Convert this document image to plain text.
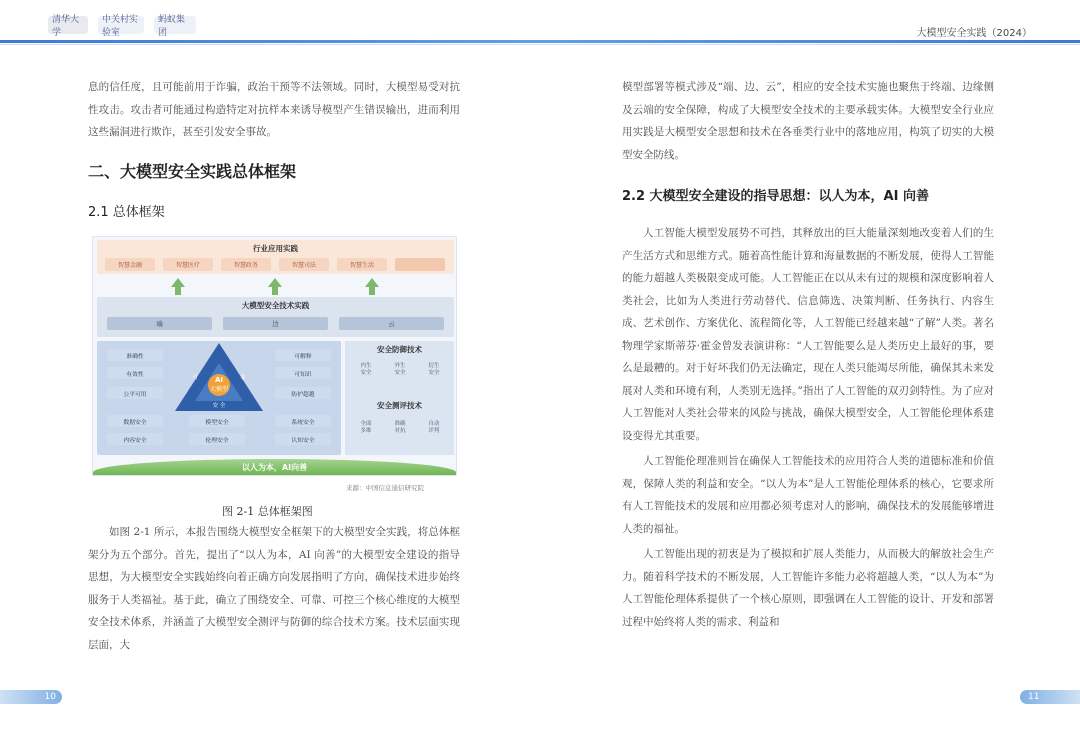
清华大学
中关村实验室
蚂蚁集团	大模型安全实践（2024）

息的信任度，且可能前用于诈骗，政治干预等不法领域。同时，大模型易受对抗性攻击。攻击者可能通过构造特定对抗样本来诱导模型产生错误输出，进而利用这些漏洞进行欺诈，甚至引发安全事故。

二、大模型安全实践总体框架
2.1 总体框架
行业应用实践
智慧金融	智慧医疗	智慧政务	智慧司法	智慧生活
大模型安全技术实践
端	边	云
准确性
有效性
公平可用
可解释
可知识
防护超越
数据安全	模型安全	系统安全
内容安全	伦理安全	认知安全
AI
大模型
可	靠
安 全
安全防御技术
内生
安全
外生
安全
衍生
安全
安全测评技术
全面
多维
准确
对抗
自动
评判
以人为本，AI向善
来源：中国信息通信研究院
图 2-1 总体框架图

如图 2-1 所示，本报告围绕大模型安全框架下的大模型安全实践，将总体框架分为五个部分。首先，提出了“以人为本，AI 向善”的大模型安全建设的指导思想，为大模型安全实践始终向着正确方向发展指明了方向，确保技术进步始终服务于人类福祉。基于此，确立了围绕安全、可靠、可控三个核心维度的大模型安全技术体系，并涵盖了大模型安全测评与防御的综合技术方案。技术层面实现层面，大

模型部署等模式涉及“端、边、云”，相应的安全技术实施也聚焦于终端、边缘侧及云端的安全保障，构成了大模型安全技术的主要承载实体。大模型安全行业应用实践是大模型安全思想和技术在各垂类行业中的落地应用，构筑了切实的大模型安全防线。

2.2 大模型安全建设的指导思想：以人为本，AI 向善

人工智能大模型发展势不可挡，其释放出的巨大能量深刻地改变着人们的生产生活方式和思维方式。随着高性能计算和海量数据的不断发展，使得人工智能的能力超越人类极限变成可能。人工智能正在以从未有过的规模和深度影响着人类社会，比如为人类进行劳动替代、信息筛选、决策判断、任务执行、内容生成、艺术创作、方案优化、流程简化等，人工智能已经越来越“了解”人类。著名物理学家斯蒂芬·霍金曾发表演讲称：“人工智能要么是人类历史上最好的事，要么是最糟的。对于好坏我们仍无法确定，现在人类只能竭尽所能，确保其未来发展对人类和环境有利，人类别无选择。”指出了人工智能的双刃剑特性。为了应对人工智能对人类社会带来的风险与挑战，确保大模型安全，人工智能伦理体系建设变得尤其重要。

人工智能伦理准则旨在确保人工智能技术的应用符合人类的道德标准和价值观，保障人类的利益和安全。“以人为本”是人工智能伦理体系的核心，它要求所有人工智能技术的发展和应用都必须考虑对人的影响，确保技术的发展能够增进人类的福祉。

人工智能出现的初衷是为了模拟和扩展人类能力，从而极大的解放社会生产力。随着科学技术的不断发展，人工智能许多能力必将超越人类，“以人为本”为人工智能伦理体系提供了一个核心原则，即强调在人工智能的设计、开发和部署过程中始终将人类的需求、利益和

10	11
